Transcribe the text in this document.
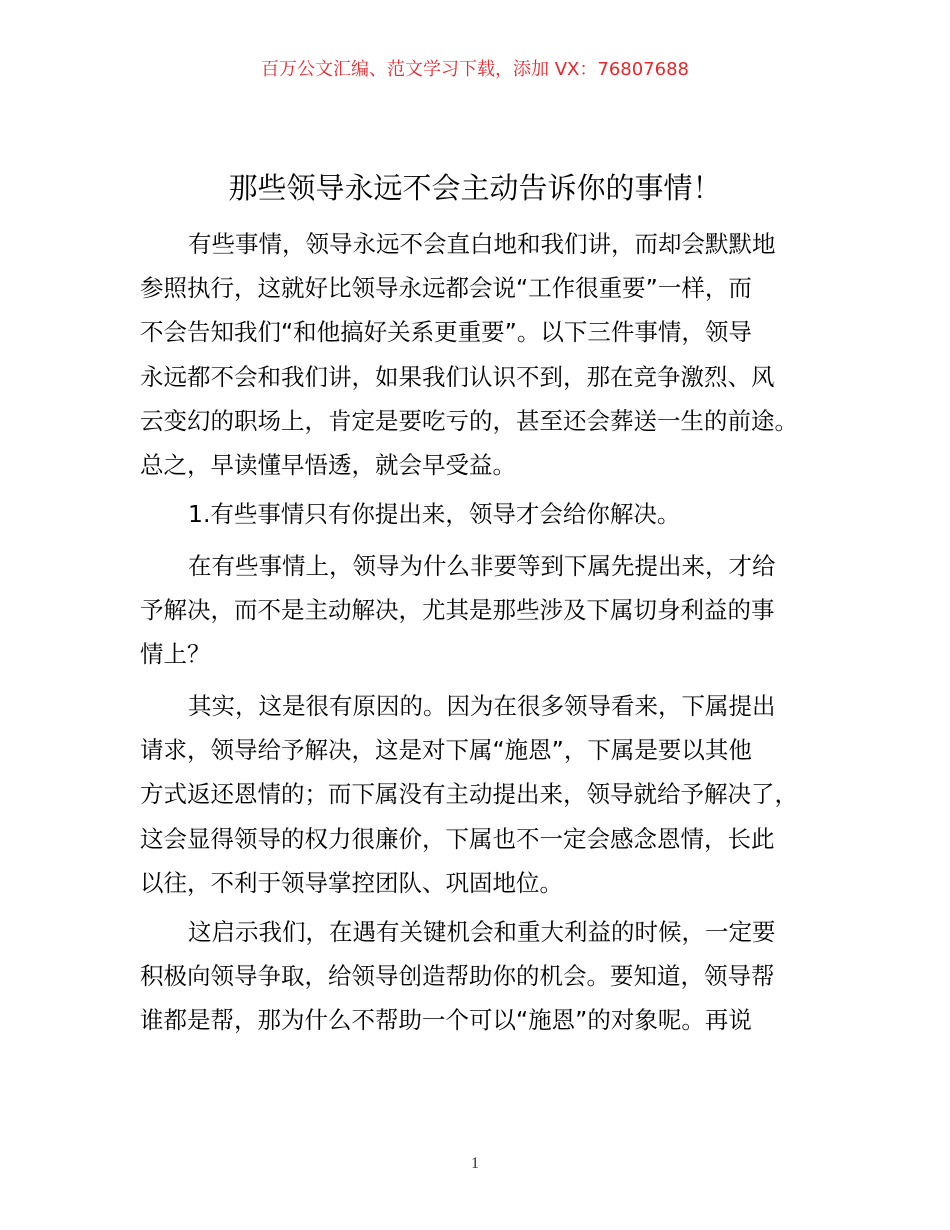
百万公文汇编、范文学习下载，添加 VX：76807688
那些领导永远不会主动告诉你的事情！
有些事情，领导永远不会直白地和我们讲，而却会默默地
参照执行，这就好比领导永远都会说“工作很重要”一样，而
不会告知我们“和他搞好关系更重要”。以下三件事情，领导
永远都不会和我们讲，如果我们认识不到，那在竞争激烈、风
云变幻的职场上，肯定是要吃亏的，甚至还会葬送一生的前途。
总之，早读懂早悟透，就会早受益。
1.有些事情只有你提出来，领导才会给你解决。
在有些事情上，领导为什么非要等到下属先提出来，才给
予解决，而不是主动解决，尤其是那些涉及下属切身利益的事
情上？
其实，这是很有原因的。因为在很多领导看来，下属提出
请求，领导给予解决，这是对下属“施恩”，下属是要以其他
方式返还恩情的；而下属没有主动提出来，领导就给予解决了，
这会显得领导的权力很廉价，下属也不一定会感念恩情，长此
以往，不利于领导掌控团队、巩固地位。
这启示我们，在遇有关键机会和重大利益的时候，一定要
积极向领导争取，给领导创造帮助你的机会。要知道，领导帮
谁都是帮，那为什么不帮助一个可以“施恩”的对象呢。再说
1
